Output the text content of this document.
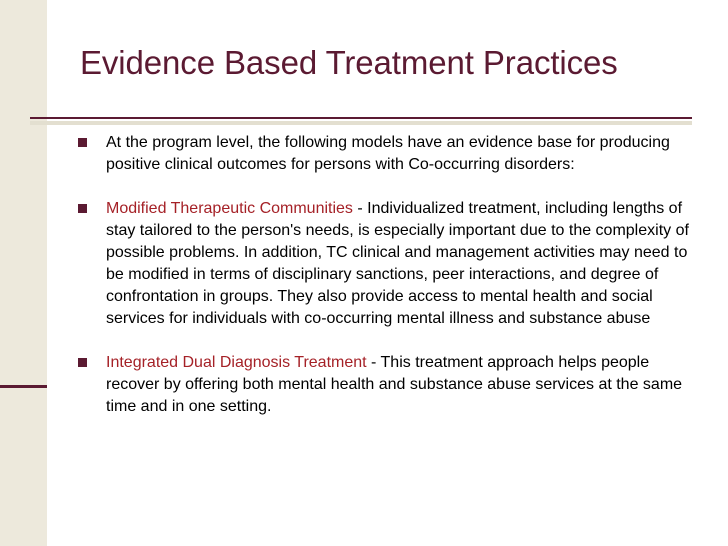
Evidence Based Treatment Practices
At the program level, the following models have an evidence base for producing positive clinical outcomes for persons with Co-occurring disorders:
Modified Therapeutic Communities - Individualized treatment, including lengths of stay tailored to the person's needs, is especially important due to the complexity of possible problems. In addition, TC clinical and management activities may need to be modified in terms of disciplinary sanctions, peer interactions, and degree of confrontation in groups. They also provide access to mental health and social services for individuals with co-occurring mental illness and substance abuse
Integrated Dual Diagnosis Treatment - This treatment approach helps people recover by offering both mental health and substance abuse services at the same time and in one setting.
